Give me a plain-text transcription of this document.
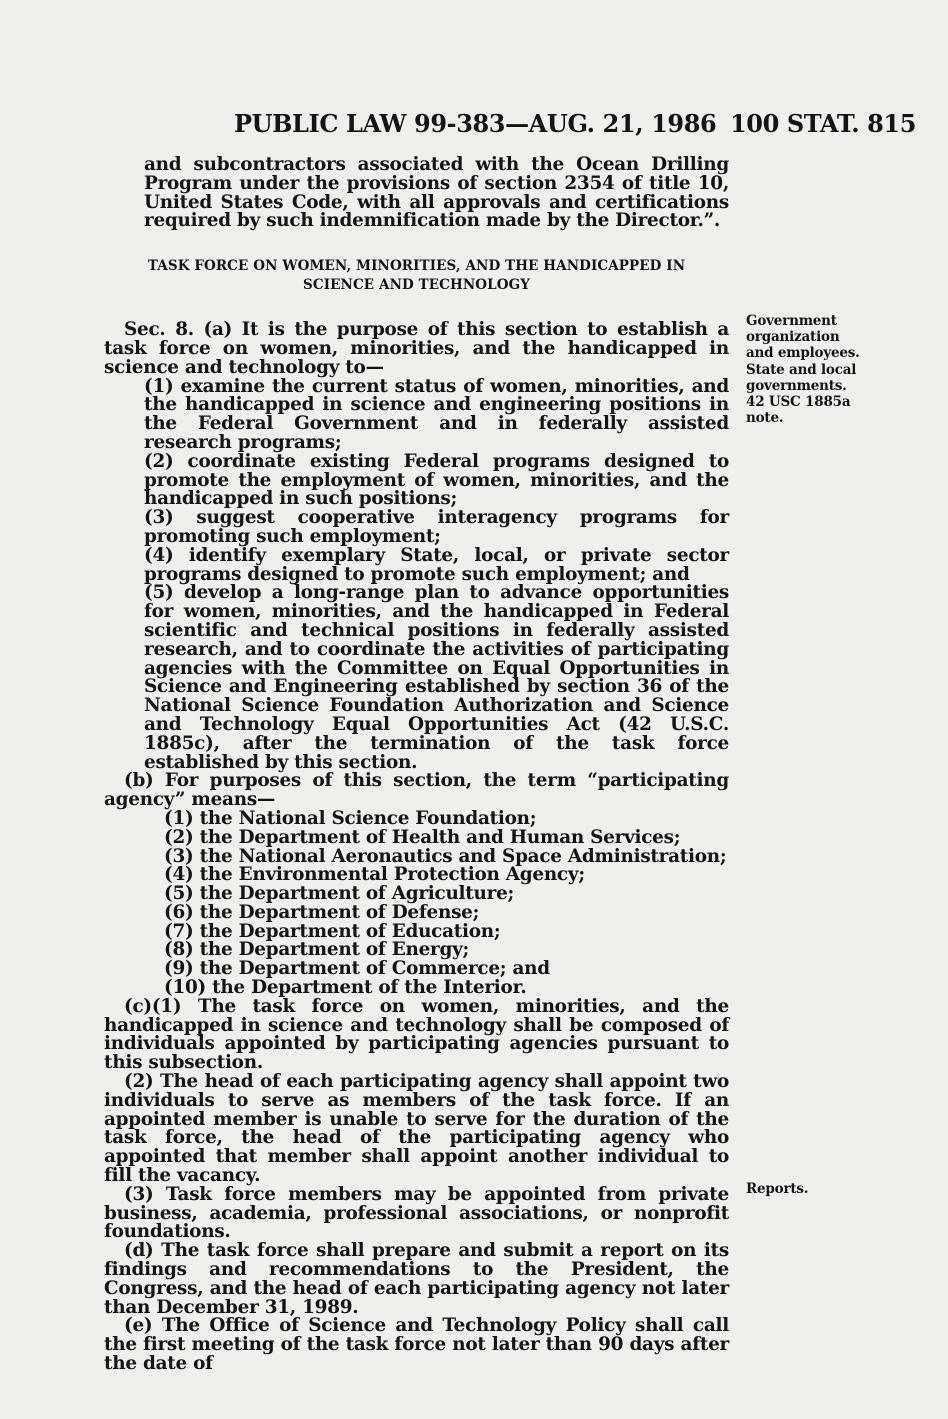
PUBLIC LAW 99-383—AUG. 21, 1986 100 STAT. 815

and subcontractors associated with the Ocean Drilling Program under the provisions of section 2354 of title 10, United States Code, with all approvals and certifications required by such indemnification made by the Director.”.

TASK FORCE ON WOMEN, MINORITIES, AND THE HANDICAPPED IN
SCIENCE AND TECHNOLOGY

Sec. 8. (a) It is the purpose of this section to establish a task force on women, minorities, and the handicapped in science and technology to—

(1) examine the current status of women, minorities, and the handicapped in science and engineering positions in the Federal Government and in federally assisted research programs;

(2) coordinate existing Federal programs designed to promote the employment of women, minorities, and the handicapped in such positions;

(3) suggest cooperative interagency programs for promoting such employment;

(4) identify exemplary State, local, or private sector programs designed to promote such employment; and

(5) develop a long-range plan to advance opportunities for women, minorities, and the handicapped in Federal scientific and technical positions in federally assisted research, and to coordinate the activities of participating agencies with the Committee on Equal Opportunities in Science and Engineering established by section 36 of the National Science Foundation Authorization and Science and Technology Equal Opportunities Act (42 U.S.C. 1885c), after the termination of the task force established by this section.

(b) For purposes of this section, the term “participating agency” means—

(1) the National Science Foundation;

(2) the Department of Health and Human Services;

(3) the National Aeronautics and Space Administration;

(4) the Environmental Protection Agency;

(5) the Department of Agriculture;

(6) the Department of Defense;

(7) the Department of Education;

(8) the Department of Energy;

(9) the Department of Commerce; and

(10) the Department of the Interior.

(c)(1) The task force on women, minorities, and the handicapped in science and technology shall be composed of individuals appointed by participating agencies pursuant to this subsection.

(2) The head of each participating agency shall appoint two individuals to serve as members of the task force. If an appointed member is unable to serve for the duration of the task force, the head of the participating agency who appointed that member shall appoint another individual to fill the vacancy.

(3) Task force members may be appointed from private business, academia, professional associations, or nonprofit foundations.

(d) The task force shall prepare and submit a report on its findings and recommendations to the President, the Congress, and the head of each participating agency not later than December 31, 1989.

(e) The Office of Science and Technology Policy shall call the first meeting of the task force not later than 90 days after the date of

Government
organization
and employees.
State and local
governments.
42 USC 1885a
note.
Reports.
